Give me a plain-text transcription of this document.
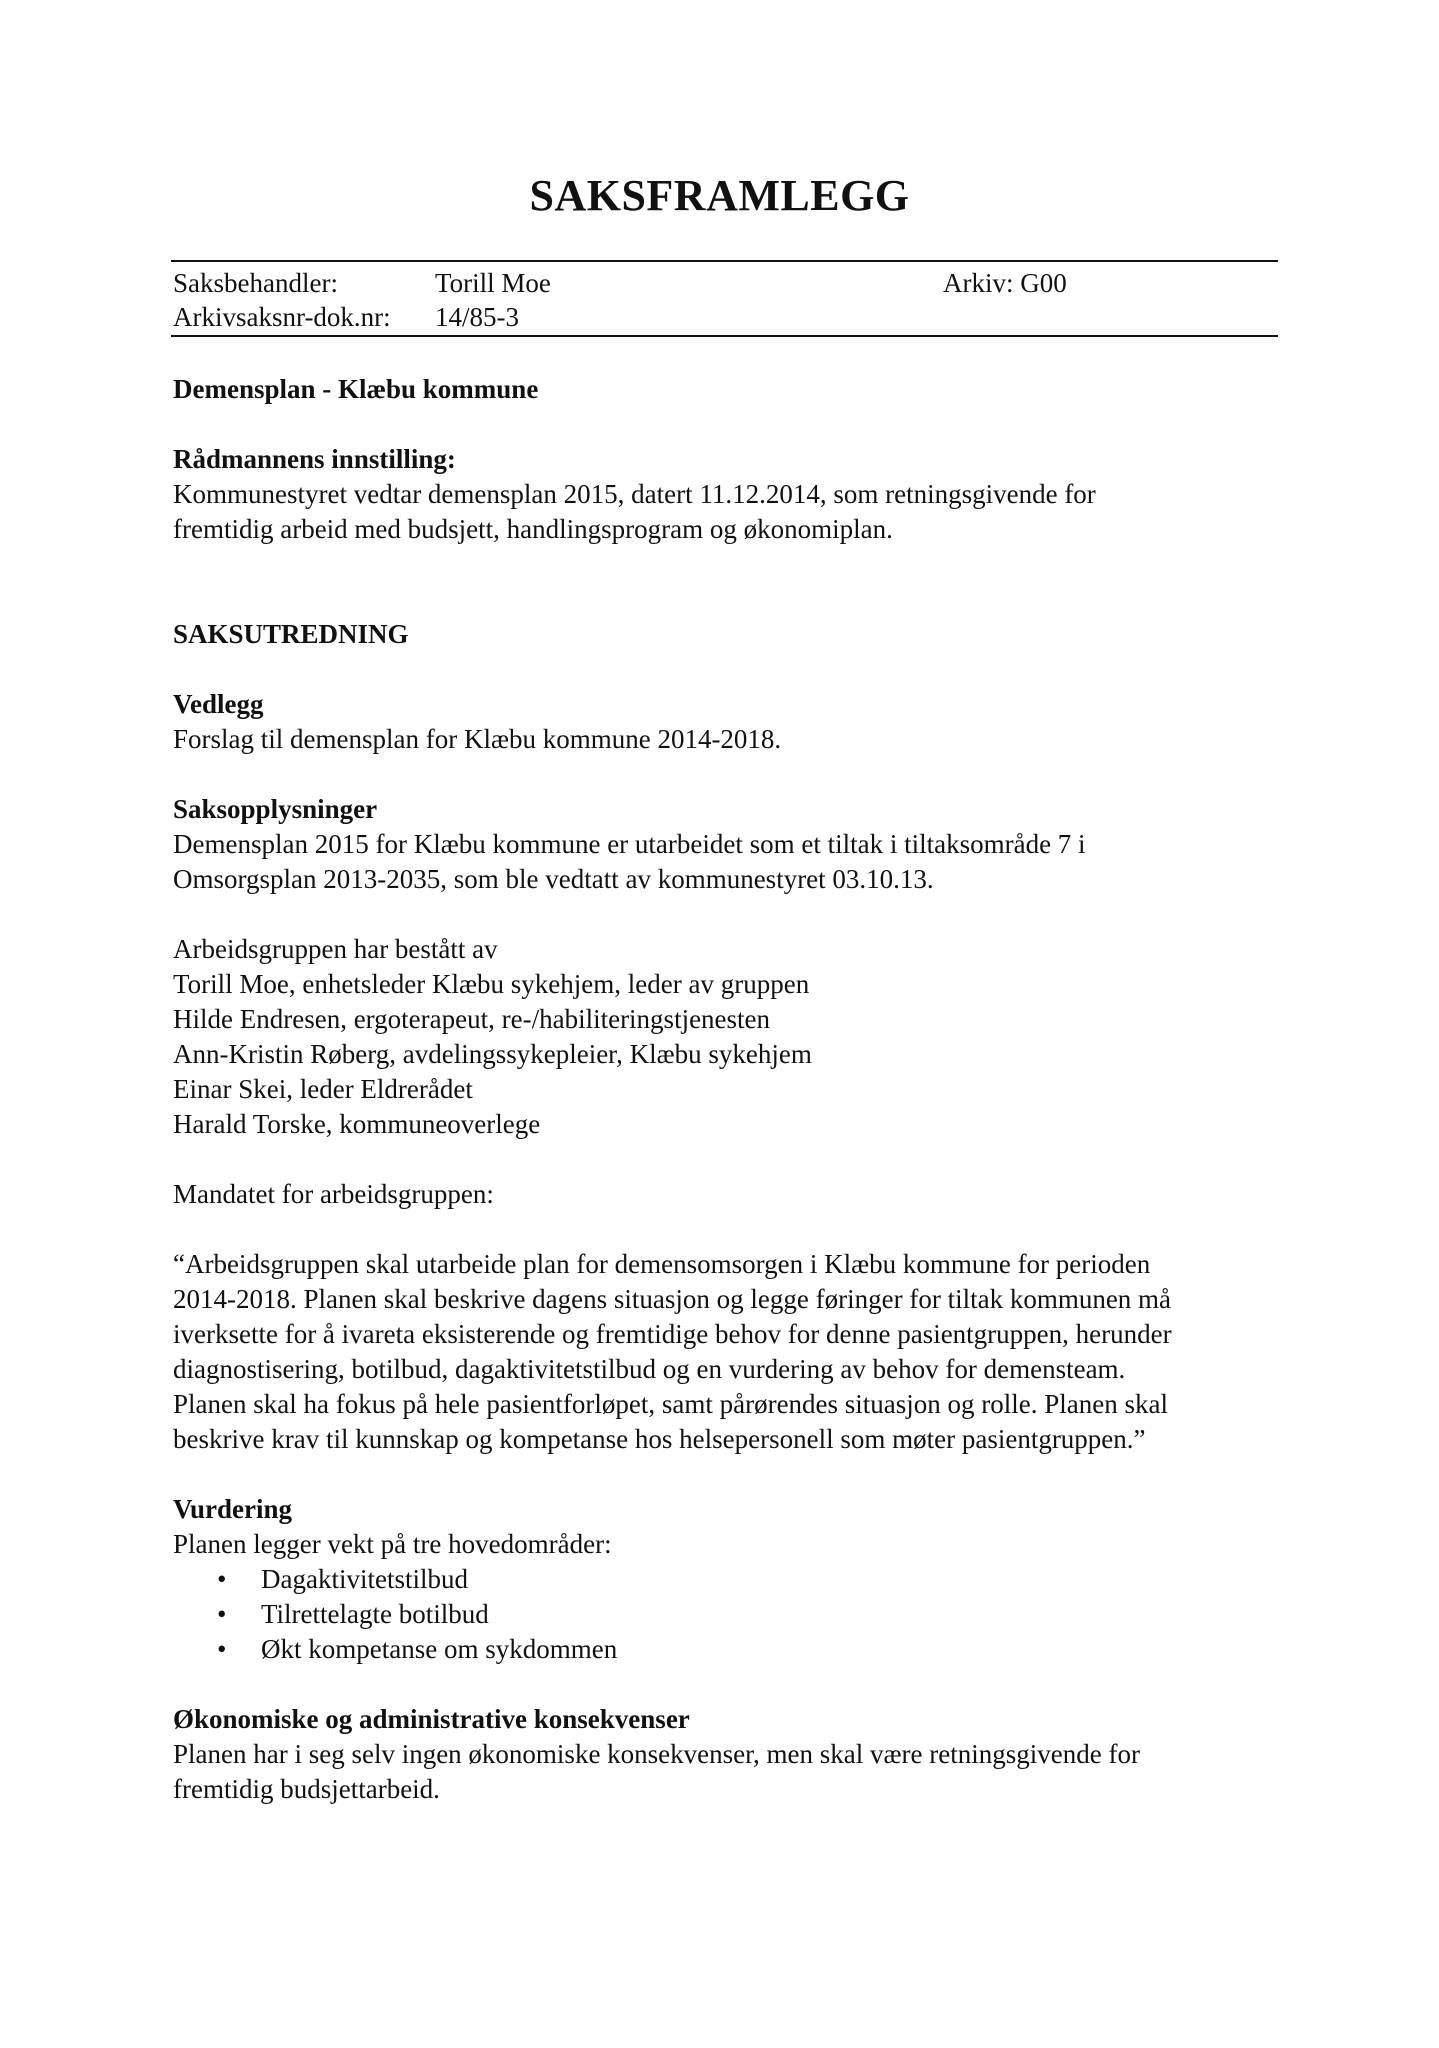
SAKSFRAMLEGG
Saksbehandler:	Torill Moe	Arkiv: G00
Arkivsaksnr-dok.nr: 14/85-3

Demensplan - Klæbu kommune

Rådmannens innstilling:

Kommunestyret vedtar demensplan 2015, datert 11.12.2014, som retningsgivende for

fremtidig arbeid med budsjett, handlingsprogram og økonomiplan.

SAKSUTREDNING

Vedlegg

Forslag til demensplan for Klæbu kommune 2014-2018.

Saksopplysninger

Demensplan 2015 for Klæbu kommune er utarbeidet som et tiltak i tiltaksområde 7 i

Omsorgsplan 2013-2035, som ble vedtatt av kommunestyret 03.10.13.

Arbeidsgruppen har bestått av

Torill Moe, enhetsleder Klæbu sykehjem, leder av gruppen

Hilde Endresen, ergoterapeut, re-/habiliteringstjenesten

Ann-Kristin Røberg, avdelingssykepleier, Klæbu sykehjem

Einar Skei, leder Eldrerådet

Harald Torske, kommuneoverlege

Mandatet for arbeidsgruppen:

“Arbeidsgruppen skal utarbeide plan for demensomsorgen i Klæbu kommune for perioden

2014-2018. Planen skal beskrive dagens situasjon og legge føringer for tiltak kommunen må

iverksette for å ivareta eksisterende og fremtidige behov for denne pasientgruppen, herunder

diagnostisering, botilbud, dagaktivitetstilbud og en vurdering av behov for demensteam.

Planen skal ha fokus på hele pasientforløpet, samt pårørendes situasjon og rolle. Planen skal

beskrive krav til kunnskap og kompetanse hos helsepersonell som møter pasientgruppen.”

Vurdering

Planen legger vekt på tre hovedområder:

• Dagaktivitetstilbud
• Tilrettelagte botilbud
• Økt kompetanse om sykdommen

Økonomiske og administrative konsekvenser

Planen har i seg selv ingen økonomiske konsekvenser, men skal være retningsgivende for

fremtidig budsjettarbeid.
